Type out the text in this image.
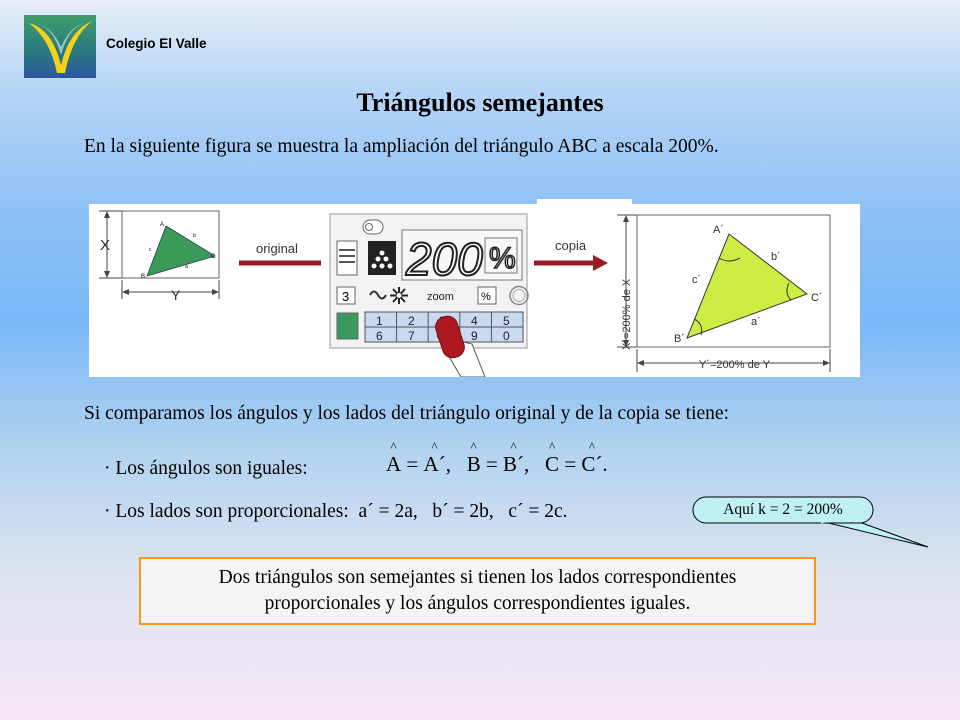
Colegio El Valle
Triángulos semejantes
En la siguiente figura se muestra la ampliación del triángulo ABC a escala 200%.
A
B
C
a
b
c
X
Y
original 200 %
3	zoom %
1 2	4 5
6 7	9 0
copia
X´=200% de X
A´
B´
C´
a´
b´
c´
Y´=200% de Y
Si comparamos los ángulos y los lados del triángulo original y de la copia se tiene:
· Los ángulos son iguales:
^	A = ^ A´,   ^ B = ^ B´,   ^ C = ^ C´.
· Los lados son proporcionales: a´ = 2a,   b´ = 2b,   c´ = 2c.	Aquí k = 2 = 200%
Dos triángulos son semejantes si tienen los lados correspondientes proporcionales y los ángulos correspondientes iguales.
